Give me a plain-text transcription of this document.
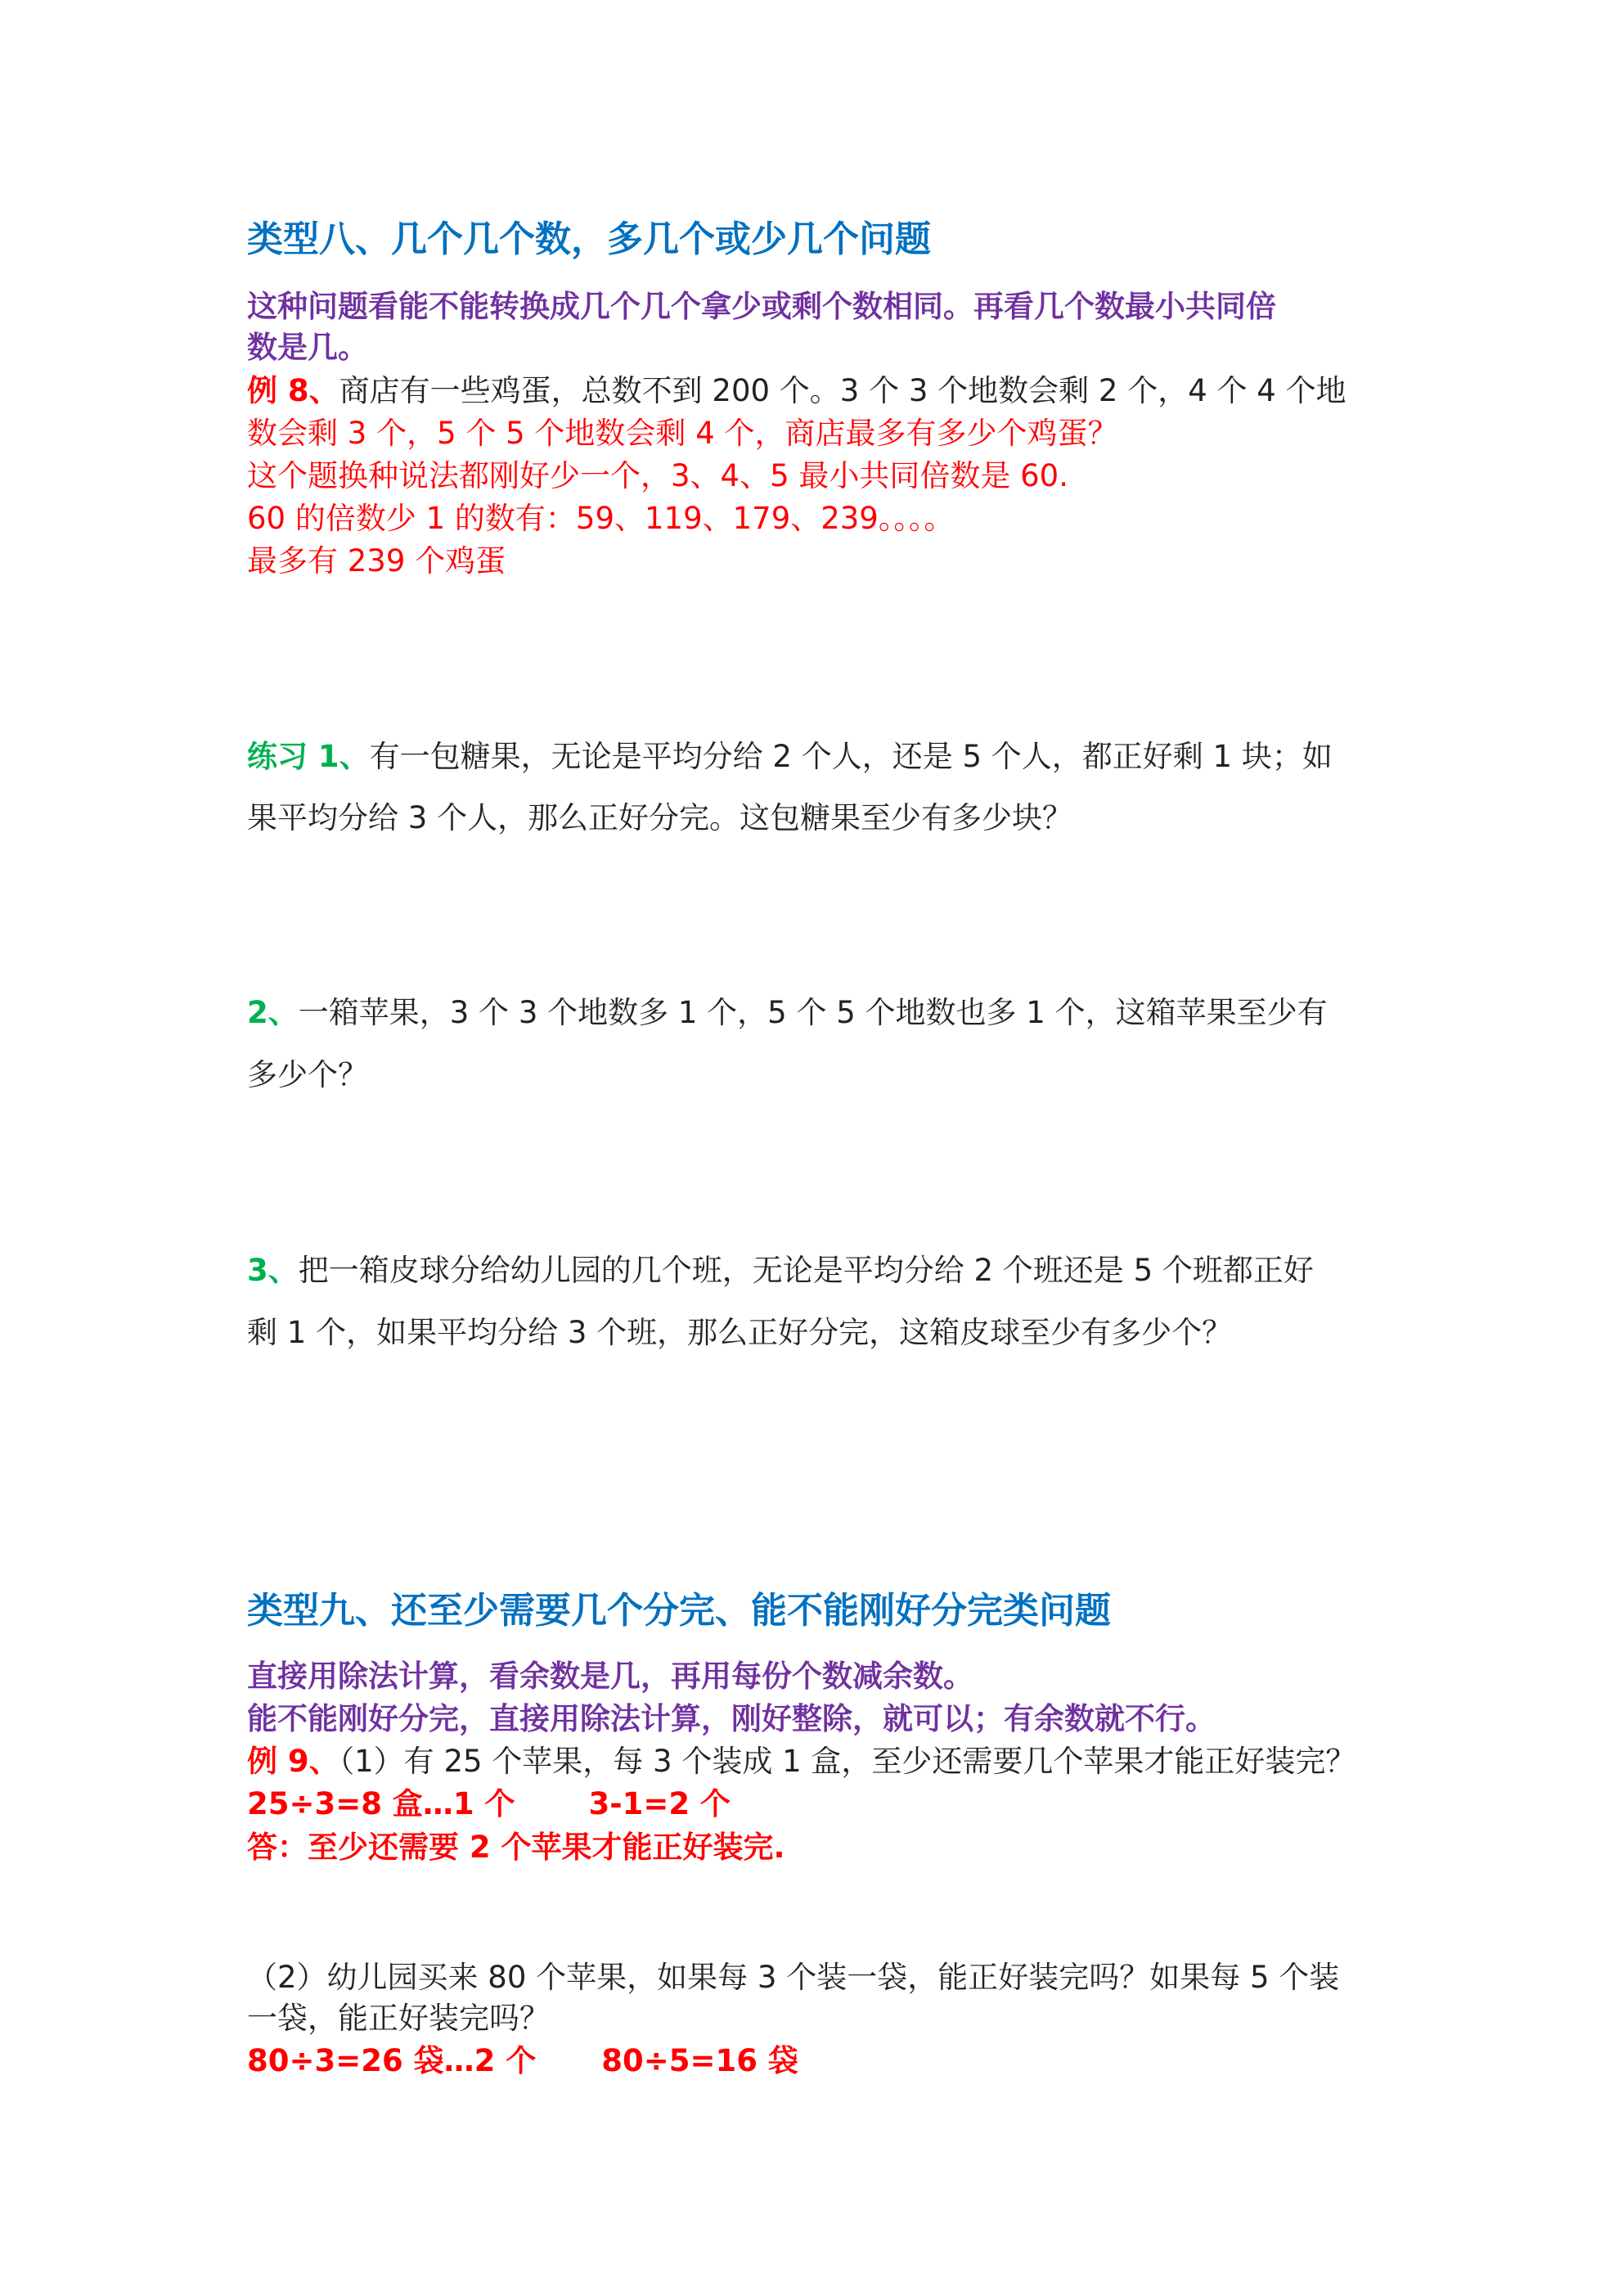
类型八、几个几个数，多几个或少几个问题
这种问题看能不能转换成几个几个拿少或剩个数相同。再看几个数最小共同倍
数是几。
例 8、商店有一些鸡蛋，总数不到 200 个。3 个 3 个地数会剩 2 个，4 个 4 个地
数会剩 3 个，5 个 5 个地数会剩 4 个，商店最多有多少个鸡蛋？
这个题换种说法都刚好少一个，3、4、5 最小共同倍数是 60.
60 的倍数少 1 的数有：59、119、179、239。。。。
最多有 239 个鸡蛋
练习 1、有一包糖果，无论是平均分给 2 个人，还是 5 个人，都正好剩 1 块；如
果平均分给 3 个人，那么正好分完。这包糖果至少有多少块？
2、一箱苹果，3 个 3 个地数多 1 个，5 个 5 个地数也多 1 个，这箱苹果至少有
多少个？
3、把一箱皮球分给幼儿园的几个班，无论是平均分给 2 个班还是 5 个班都正好
剩 1 个，如果平均分给 3 个班，那么正好分完，这箱皮球至少有多少个？
类型九、还至少需要几个分完、能不能刚好分完类问题
直接用除法计算，看余数是几，再用每份个数减余数。
能不能刚好分完，直接用除法计算，刚好整除，就可以；有余数就不行。
例 9、（1）有 25 个苹果，每 3 个装成 1 盒，至少还需要几个苹果才能正好装完？
25÷3=8 盒…1 个 3-1=2 个
答：至少还需要 2 个苹果才能正好装完.
（2）幼儿园买来 80 个苹果，如果每 3 个装一袋，能正好装完吗？如果每 5 个装
一袋，能正好装完吗？
80÷3=26 袋…2 个 80÷5=16 袋
